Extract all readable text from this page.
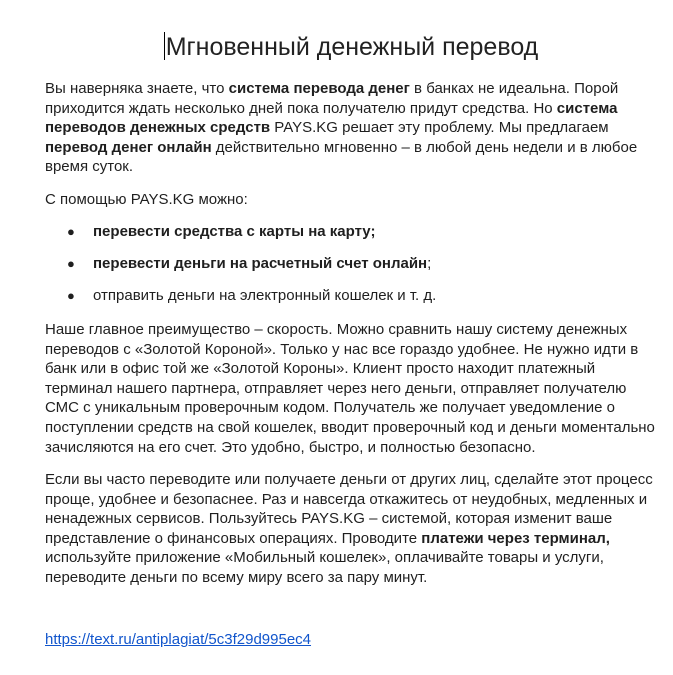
Мгновенный денежный перевод

Вы наверняка знаете, что система перевода денег в банках не идеальна. Порой приходится ждать несколько дней пока получателю придут средства. Но система переводов денежных средств PAYS.KG решает эту проблему. Мы предлагаем перевод денег онлайн действительно мгновенно – в любой день недели и в любое время суток.

С помощью PAYS.KG можно:

● перевести средства с карты на карту;
● перевести деньги на расчетный счет онлайн;
● отправить деньги на электронный кошелек и т. д.

Наше главное преимущество – скорость. Можно сравнить нашу систему денежных переводов с «Золотой Короной». Только у нас все гораздо удобнее. Не нужно идти в банк или в офис той же «Золотой Короны». Клиент просто находит платежный терминал нашего партнера, отправляет через него деньги, отправляет получателю СМС с уникальным проверочным кодом. Получатель же получает уведомление о поступлении средств на свой кошелек, вводит проверочный код и деньги моментально зачисляются на его счет. Это удобно, быстро, и полностью безопасно.

Если вы часто переводите или получаете деньги от других лиц, сделайте этот процесс проще, удобнее и безопаснее. Раз и навсегда откажитесь от неудобных, медленных и ненадежных сервисов. Пользуйтесь PAYS.KG – системой, которая изменит ваше представление о финансовых операциях. Проводите платежи через терминал, используйте приложение «Мобильный кошелек», оплачивайте товары и услуги, переводите деньги по всему миру всего за пару минут.

https://text.ru/antiplagiat/5c3f29d995ec4
